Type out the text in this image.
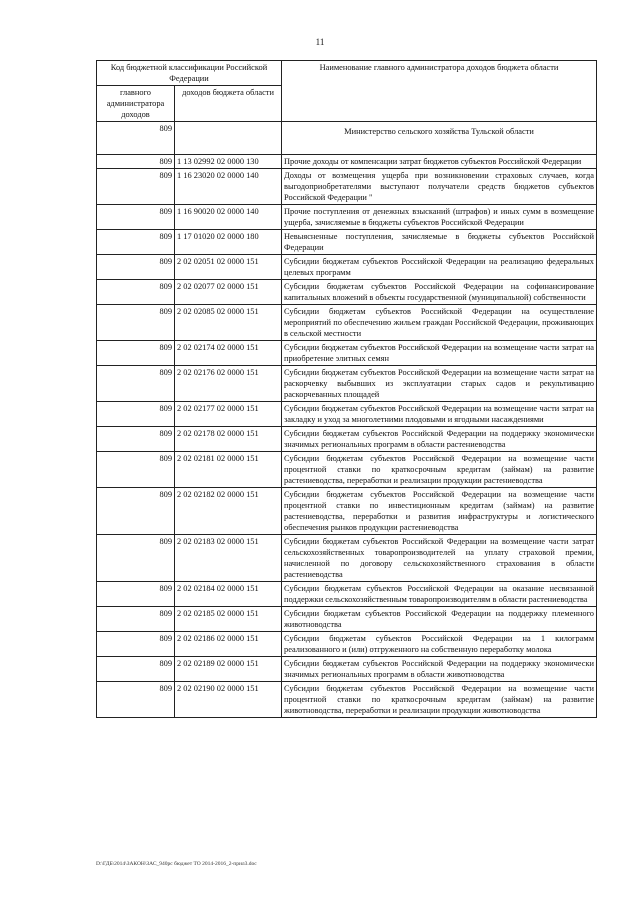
11
Код бюджетной классификации Российской Федерации		Наименование главного администратора доходов бюджета области
главного администратора доходов	доходов бюджета области	
809		Министерство сельского хозяйства Тульской области
809	1 13 02992 02 0000 130	Прочие доходы от компенсации затрат бюджетов субъектов Российской Федерации
809	1 16 23020 02 0000 140	Доходы от возмещения ущерба при возникновении страховых случаев, когда выгодоприобретателями выступают получатели средств бюджетов субъектов Российской Федерации "
809	1 16 90020 02 0000 140	Прочие поступления от денежных взысканий (штрафов) и иных сумм в возмещение ущерба, зачисляемые в бюджеты субъектов Российской Федерации
809	1 17 01020 02 0000 180	Невыясненные поступления, зачисляемые в бюджеты субъектов Российской Федерации
809	2 02 02051 02 0000 151	Субсидии бюджетам субъектов Российской Федерации на реализацию федеральных целевых программ
809	2 02 02077 02 0000 151	Субсидии бюджетам субъектов Российской Федерации на софинансирование капитальных вложений в объекты государственной (муниципальной) собственности
809	2 02 02085 02 0000 151	Субсидии бюджетам субъектов Российской Федерации на осуществление мероприятий по обеспечению жильем граждан Российской Федерации, проживающих в сельской местности
809	2 02 02174 02 0000 151	Субсидии бюджетам субъектов Российской Федерации на возмещение части затрат на приобретение элитных семян
809	2 02 02176 02 0000 151	Субсидии бюджетам субъектов Российской Федерации на возмещение части затрат на раскорчевку выбывших из эксплуатации старых садов и рекультивацию раскорчеванных площадей
809	2 02 02177 02 0000 151	Субсидии бюджетам субъектов Российской Федерации на возмещение части затрат на закладку и уход за многолетними плодовыми и ягодными насаждениями
809	2 02 02178 02 0000 151	Субсидии бюджетам субъектов Российской Федерации на поддержку экономически значимых региональных программ в области растениеводства
809	2 02 02181 02 0000 151	Субсидии бюджетам субъектов Российской Федерации на возмещение части процентной ставки по краткосрочным кредитам (займам) на развитие растениеводства, переработки и реализации продукции растениеводства
809	2 02 02182 02 0000 151	Субсидии бюджетам субъектов Российской Федерации на возмещение части процентной ставки по инвестиционным кредитам (займам) на развитие растениеводства, переработки и развития инфраструктуры и логистического обеспечения рынков продукции растениеводства
809	2 02 02183 02 0000 151	Субсидии бюджетам субъектов Российской Федерации на возмещение части затрат сельскохозяйственных товаропроизводителей на уплату страховой премии, начисленной по договору сельскохозяйственного страхования в области растениеводства
809	2 02 02184 02 0000 151	Субсидии бюджетам субъектов Российской Федерации на оказание несвязанной поддержки сельскохозяйственным товаропроизводителям в области растениеводства
809	2 02 02185 02 0000 151	Субсидии бюджетам субъектов Российской Федерации на поддержку племенного животноводства
809	2 02 02186 02 0000 151	Субсидии бюджетам субъектов Российской Федерации на 1 килограмм реализованного и (или) отгруженного на собственную переработку молока
809	2 02 02189 02 0000 151	Субсидии бюджетам субъектов Российской Федерации на поддержку экономически значимых региональных программ в области животноводства
809	2 02 02190 02 0000 151	Субсидии бюджетам субъектов Российской Федерации на возмещение части процентной ставки по краткосрочным кредитам (займам) на развитие животноводства, переработки и реализации продукции животноводства
D:\ГДБ\2014\ЗАКОН\ЗАС_940рс бюджет ТО 2014-2016_2-прил3.doc
